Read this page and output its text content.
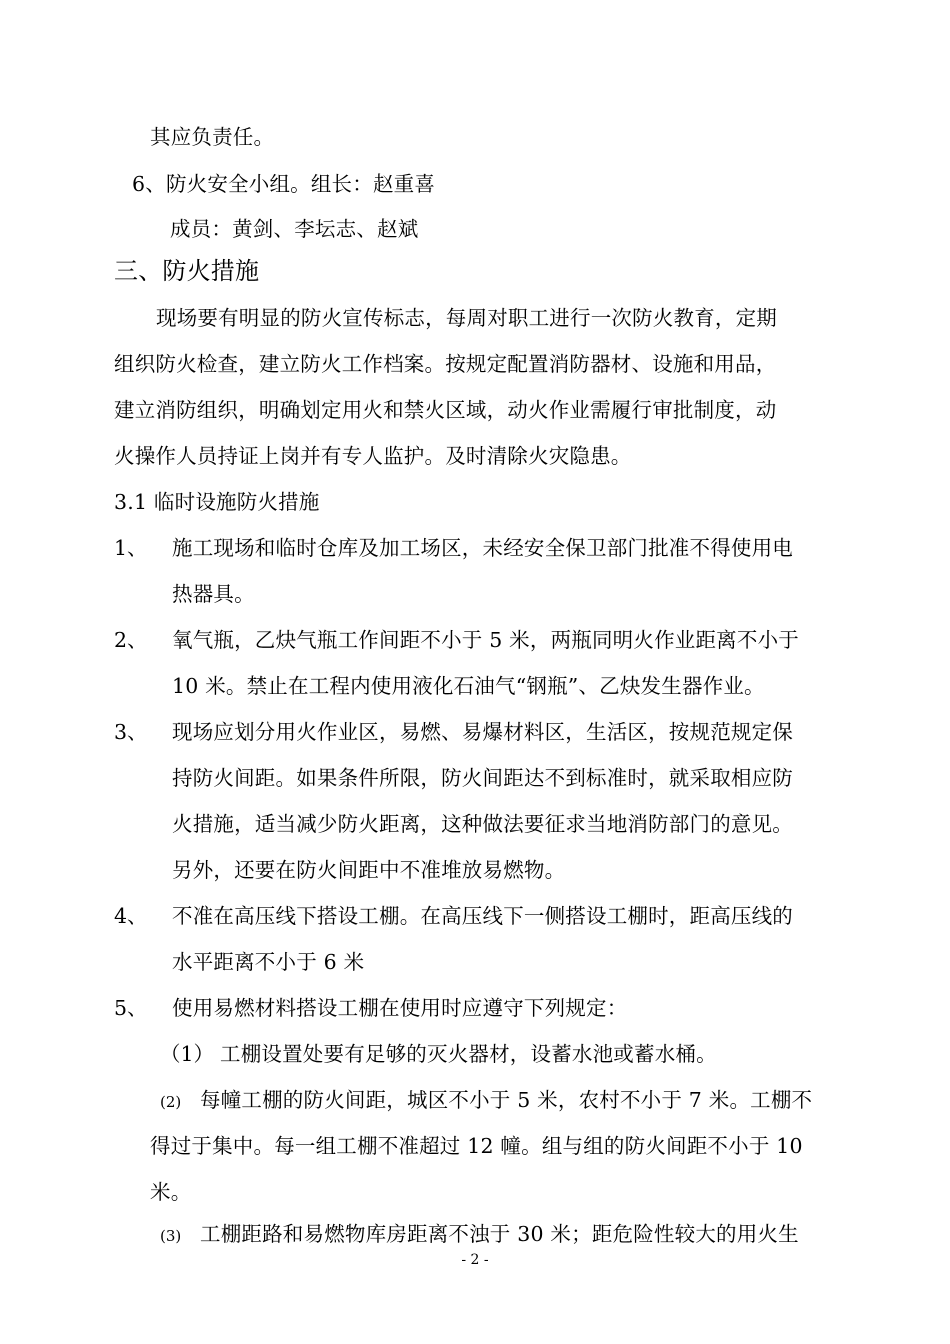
其应负责任。
6、防火安全小组。组长：赵重喜
成员：黄剑、李坛志、赵斌
三、防火措施
现场要有明显的防火宣传标志，每周对职工进行一次防火教育，定期
组织防火检查，建立防火工作档案。按规定配置消防器材、设施和用品，
建立消防组织，明确划定用火和禁火区域，动火作业需履行审批制度，动
火操作人员持证上岗并有专人监护。及时清除火灾隐患。
3.1 临时设施防火措施
1、 施工现场和临时仓库及加工场区，未经安全保卫部门批准不得使用电
热器具。
2、 氧气瓶，乙炔气瓶工作间距不小于 5 米，两瓶同明火作业距离不小于
10 米。禁止在工程内使用液化石油气“钢瓶”、乙炔发生器作业。
3、 现场应划分用火作业区，易燃、易爆材料区，生活区，按规范规定保
持防火间距。如果条件所限，防火间距达不到标准时，就采取相应防
火措施，适当减少防火距离，这种做法要征求当地消防部门的意见。
另外，还要在防火间距中不准堆放易燃物。
4、 不准在高压线下搭设工棚。在高压线下一侧搭设工棚时，距高压线的
水平距离不小于 6 米
5、 使用易燃材料搭设工棚在使用时应遵守下列规定：
（1） 工棚设置处要有足够的灭火器材，设蓄水池或蓄水桶。
(2) 每幢工棚的防火间距，城区不小于 5 米，农村不小于 7 米。工棚不
得过于集中。每一组工棚不准超过 12 幢。组与组的防火间距不小于 10
米。
(3) 工棚距路和易燃物库房距离不浊于 30 米；距危险性较大的用火生
- 2 -
